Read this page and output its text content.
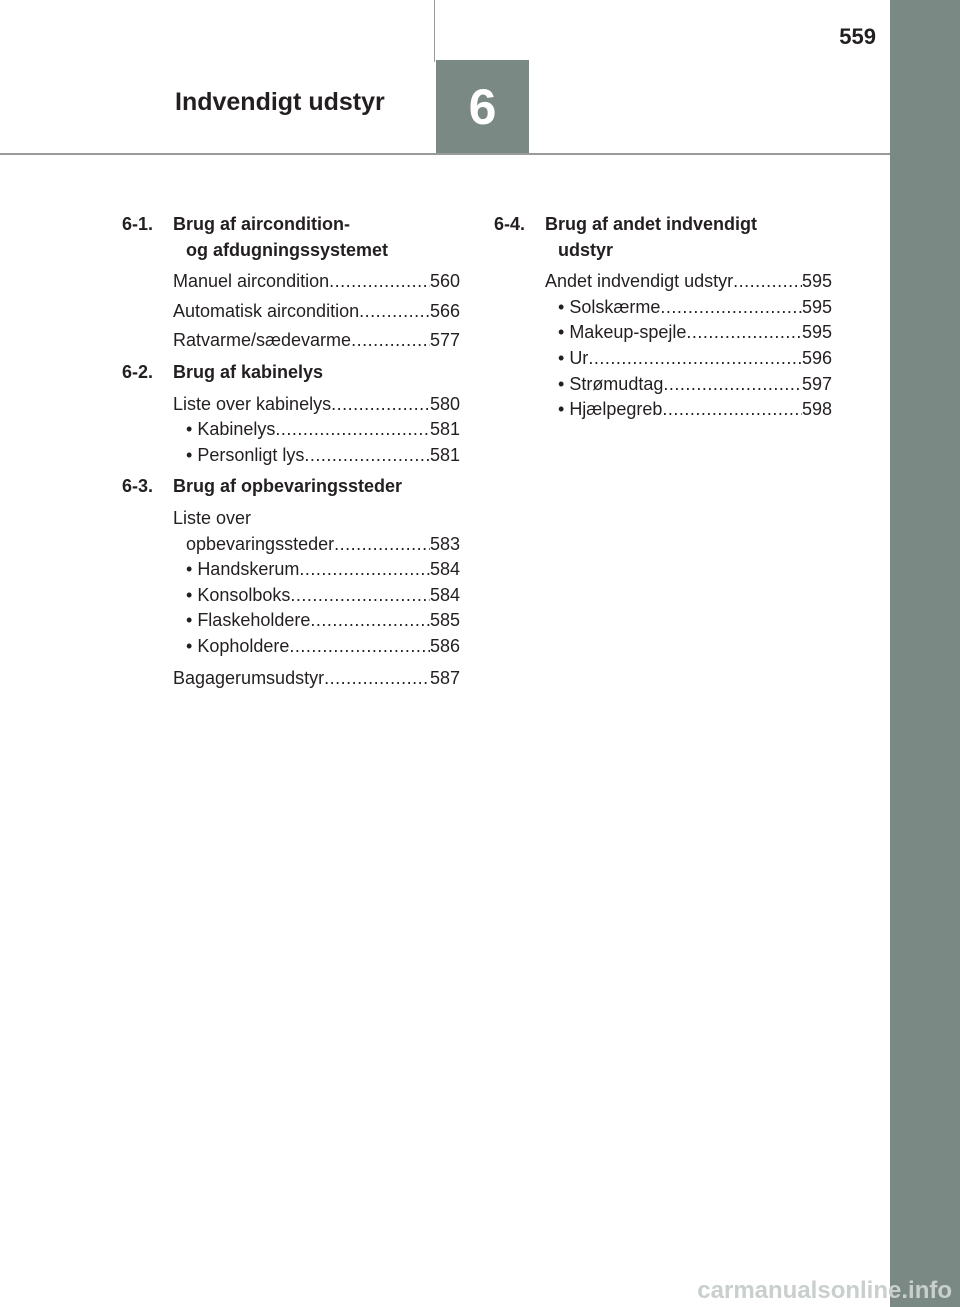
559
Indvendigt udstyr	6
6-1.	Brug af aircondition-
og afdugningssystemet
Manuel aircondition .....	560
Automatisk aircondition .....	566
Ratvarme/sædevarme .....	577
6-2.	Brug af kabinelys
Liste over kabinelys .....	580
• Kabinelys .....	581
• Personligt lys .....	581
6-3.	Brug af opbevaringssteder
Liste over
opbevaringssteder .....	583
• Handskerum .....	584
• Konsolboks .....	584
• Flaskeholdere .....	585
• Kopholdere .....	586
Bagagerumsudstyr .....	587
6-4.	Brug af andet indvendigt
udstyr
Andet indvendigt udstyr .....	595
• Solskærme .....	595
• Makeup-spejle .....	595
• Ur .....	596
• Strømudtag .....	597
• Hjælpegreb .....	598
carmanualsonline.info
